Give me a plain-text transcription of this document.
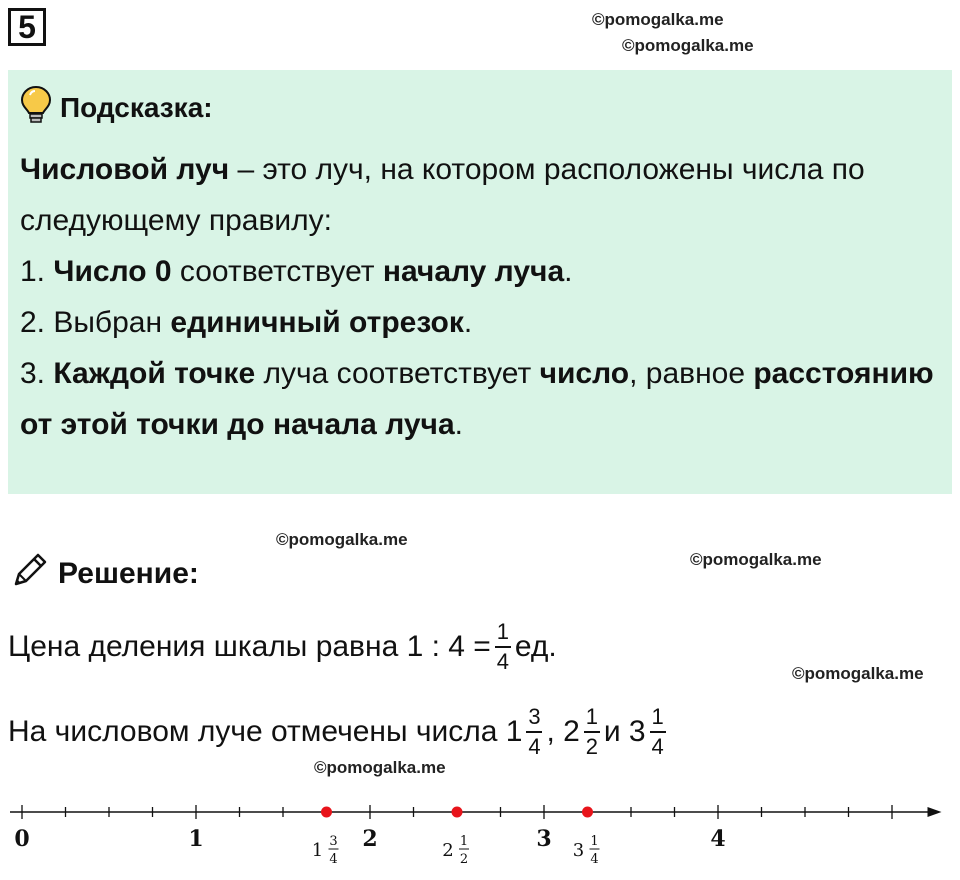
5	©pomogalka.me
©pomogalka.me
©pomogalka.me
©pomogalka.me
©pomogalka.me
©pomogalka.me
Подсказка:

Числовой луч – это луч, на котором расположены числа по следующему правилу:

1. Число 0 соответствует началу луча.

2. Выбран единичный отрезок.

3. Каждой точке луча соответствует число, равное расстоянию от этой точки до начала луча.

Решение:
Цена деления шкалы равна 1 : $4 = \frac{1}{4}$ ед.
На числовом луче отмечены числа $1 \frac{3}{4}$ , $2 \frac{1}{2}$ и $3 \frac{1}{4}$
0	1	2	3	4
1 3
4	2 1
2	3 1
4
